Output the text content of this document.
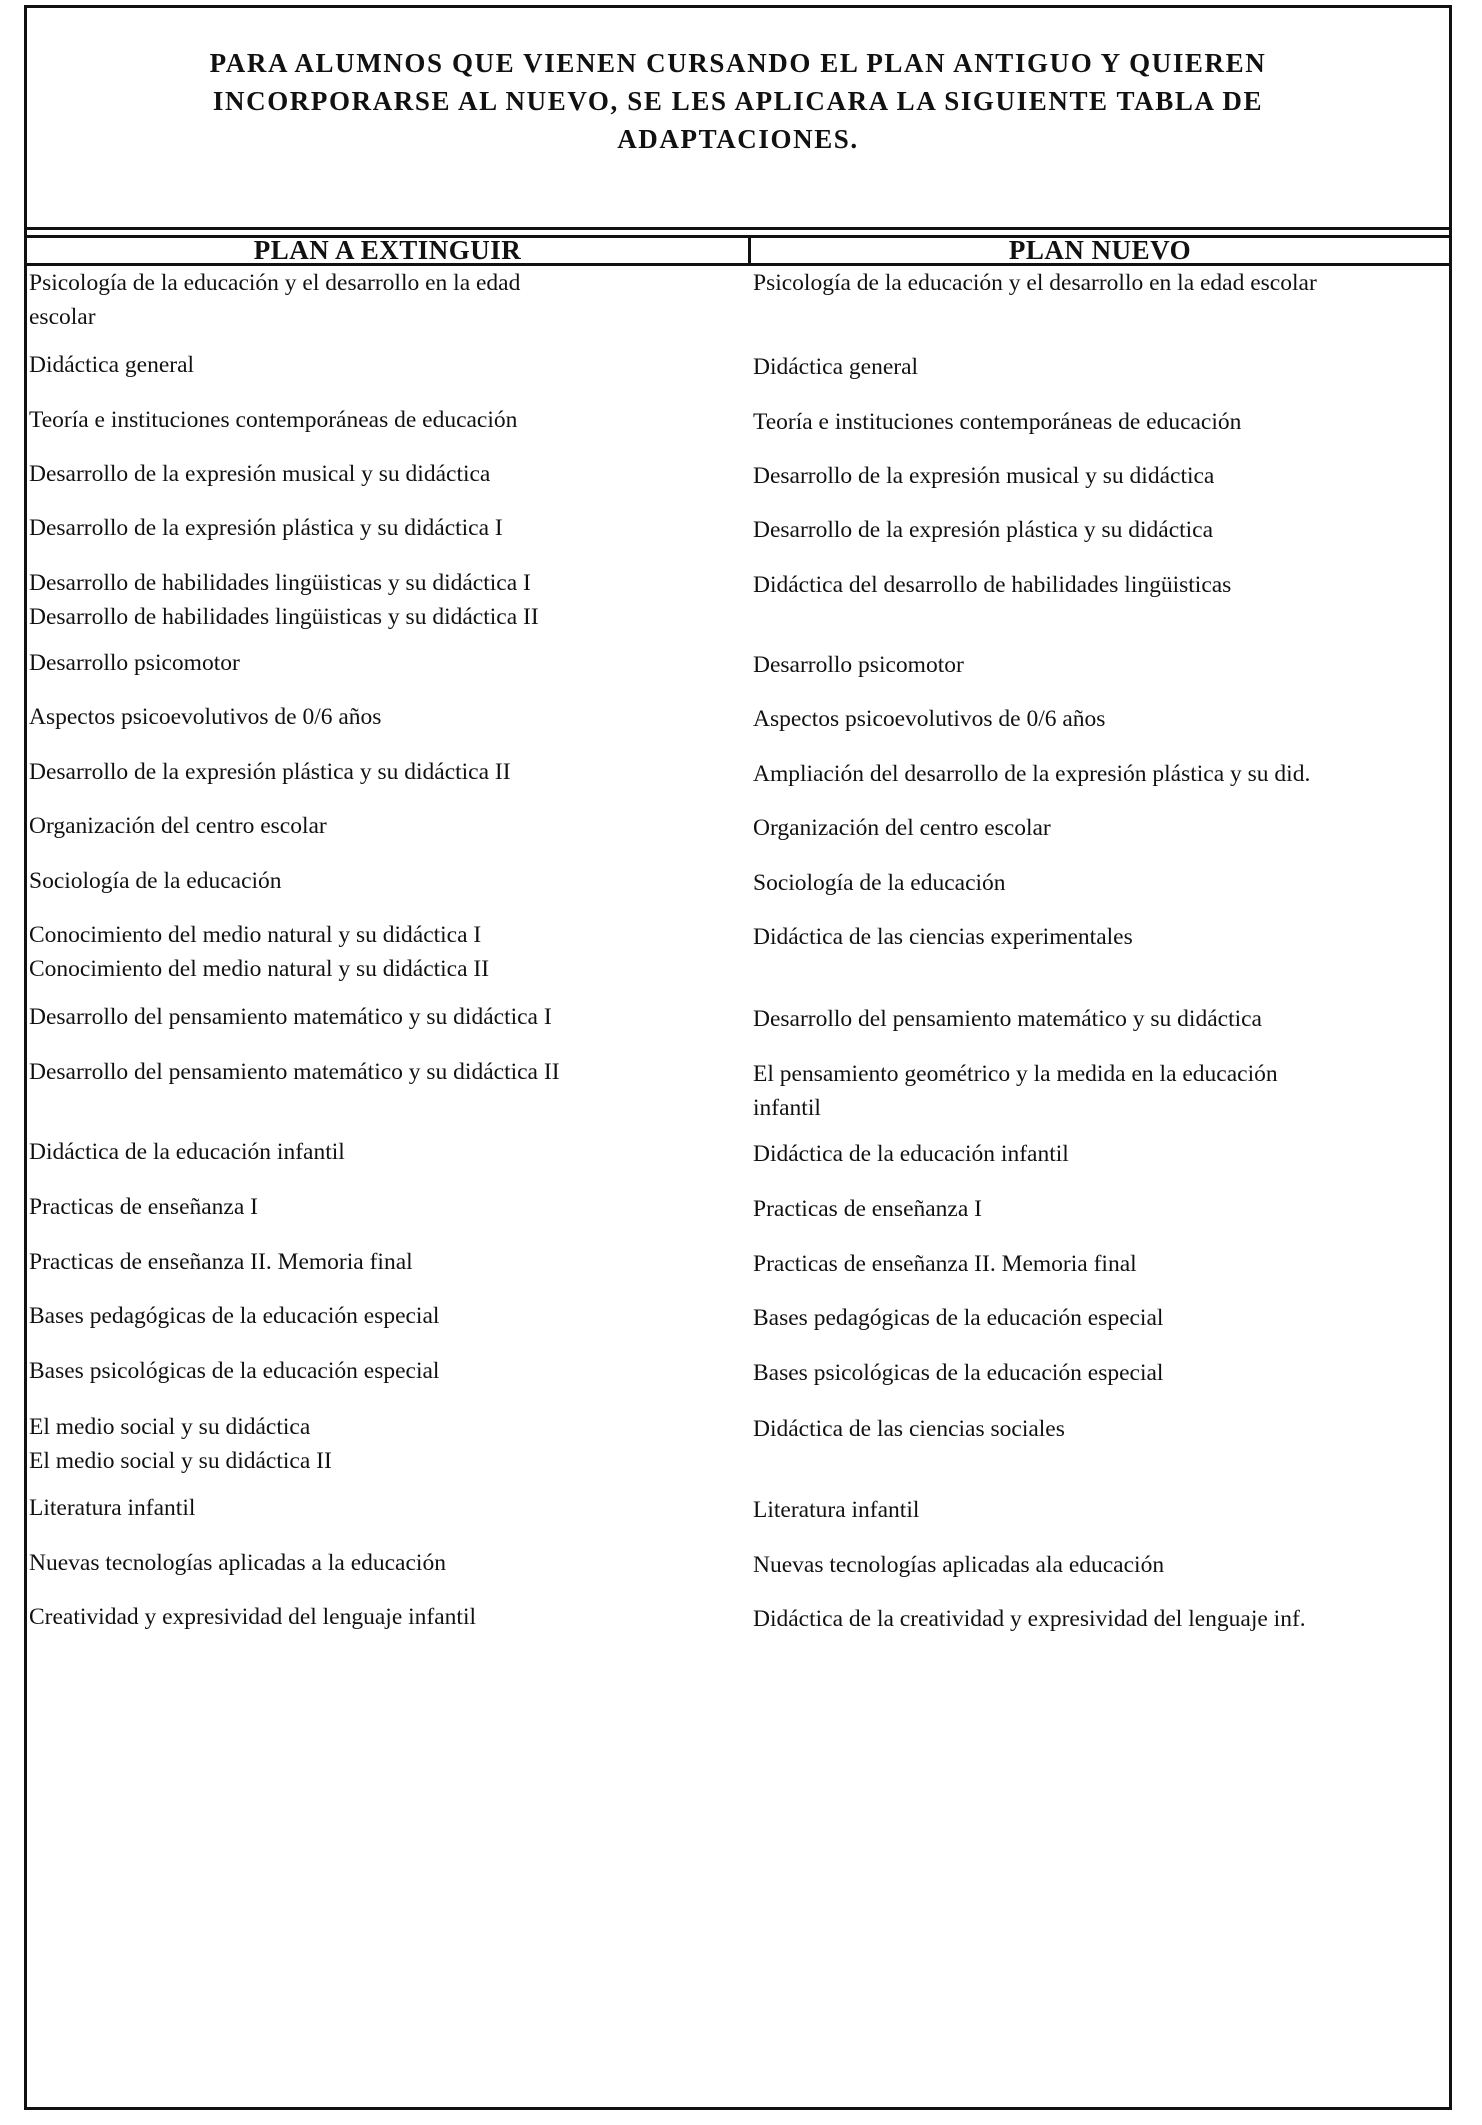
PARA ALUMNOS QUE VIENEN CURSANDO EL PLAN ANTIGUO Y QUIEREN
INCORPORARSE AL NUEVO, SE LES APLICARA LA SIGUIENTE TABLA DE
ADAPTACIONES.
PLAN A EXTINGUIR	PLAN NUEVO
Psicología de la educación y el desarrollo en la edad
escolar
Didáctica general
Teoría e instituciones contemporáneas de educación
Desarrollo de la expresión musical y su didáctica
Desarrollo de la expresión plástica y su didáctica I
Desarrollo de habilidades lingüisticas y su didáctica I
Desarrollo de habilidades lingüisticas y su didáctica II
Desarrollo psicomotor
Aspectos psicoevolutivos de 0/6 años
Desarrollo de la expresión plástica y su didáctica II
Organización del centro escolar
Sociología de la educación
Conocimiento del medio natural y su didáctica I
Conocimiento del medio natural y su didáctica II
Desarrollo del pensamiento matemático y su didáctica I
Desarrollo del pensamiento matemático y su didáctica II
Didáctica de la educación infantil
Practicas de enseñanza I
Practicas de enseñanza II. Memoria final
Bases pedagógicas de la educación especial
Bases psicológicas de la educación especial
El medio social y su didáctica
El medio social y su didáctica II
Literatura infantil
Nuevas tecnologías aplicadas a la educación
Creatividad y expresividad del lenguaje infantil
Psicología de la educación y el desarrollo en la edad escolar
Didáctica general
Teoría e instituciones contemporáneas de educación
Desarrollo de la expresión musical y su didáctica
Desarrollo de la expresión plástica y su didáctica
Didáctica del desarrollo de habilidades lingüisticas
Desarrollo psicomotor
Aspectos psicoevolutivos de 0/6 años
Ampliación del desarrollo de la expresión plástica y su did.
Organización del centro escolar
Sociología de la educación
Didáctica de las ciencias experimentales
Desarrollo del pensamiento matemático y su didáctica
El pensamiento geométrico y la medida en la educación
infantil
Didáctica de la educación infantil
Practicas de enseñanza I
Practicas de enseñanza II. Memoria final
Bases pedagógicas de la educación especial
Bases psicológicas de la educación especial
Didáctica de las ciencias sociales
Literatura infantil
Nuevas tecnologías aplicadas ala educación
Didáctica de la creatividad y expresividad del lenguaje inf.
